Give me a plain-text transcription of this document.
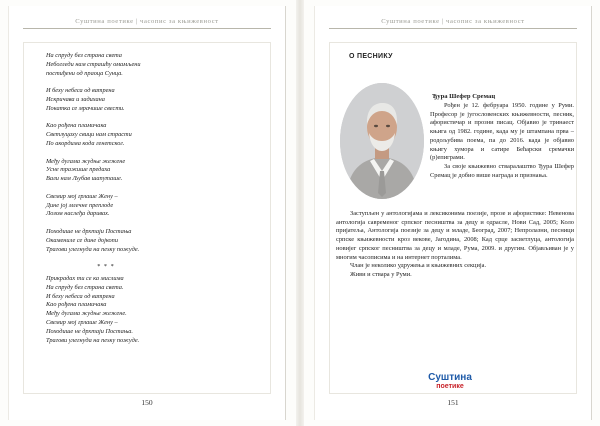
Суштина поетике | часопис за књижевност
150
На спруду без страна света
Небогледи нам страшћу омамљени
постиђени од праоца Сунца.
И беху небеса од ватрена
Искричава и задихана
Покатка се мрачише свести.
Као рођена пламичака
Светлуцаху свици нам страсти
По акордима кода генетског.
Међу дугама жудње жежене
Усне тражише предаха
Вали нам Љубав шапуташе.
Свемир мој грлаше Жену –
Дине јој млечне преплоде
Лозом наслеђа даривах.
Походише не дрхтаји Постања
Окамениле се дине дојкопи
Трагови улегнуда на пеѕку пожуде.
* * *
Прикрадах ти се ка мислима
На спруду без страна света.
И беху небеса од ватрена
Као рођена пламичака
Међу дугама жудње жежене.
Свемир мој грлаше Жену –
Походише не дрхтаји Постања.
Трагови улегнуда на пеѕку пожуде.
Суштина поетике | часопис за књижевност
151
О ПЕСНИКУ
Ђура Шефер Сремац

Рођен је 12. фебруара 1950. године у Руми. Професор је југословенских књижевности, песник, афористичар и прозни писац. Објавио је тринаест књига од 1982. године, када му је штампана прва – родољубива поема, па до 2016. када је објавио књигу хумора и сатире Бећарски сремачки (р)епиграми.

За своје књижевно стваралаштво Ђура Шефер Сремац је добио више награда и признања.

Заступљен у антологијама и лексиконима поезије, прозе и афористике: Невенова антологија савременог српског песништва за децу и одрасле, Нови Сад, 2005; Коло пријатеља, Антологија поезије за децу и младе, Београд, 2007; Непролазни, песници српске књижевности кроз векове, Јагодина, 2008; Кад срце засветлуца, антологија новијег српског песништва за децу и младе, Рума, 2009. и другим. Објављиван је у многим часописима и на интернет порталима.

Члан је неколико удружења и књижевних секција.

Живи и ствара у Руми.

Суштина
поетике
